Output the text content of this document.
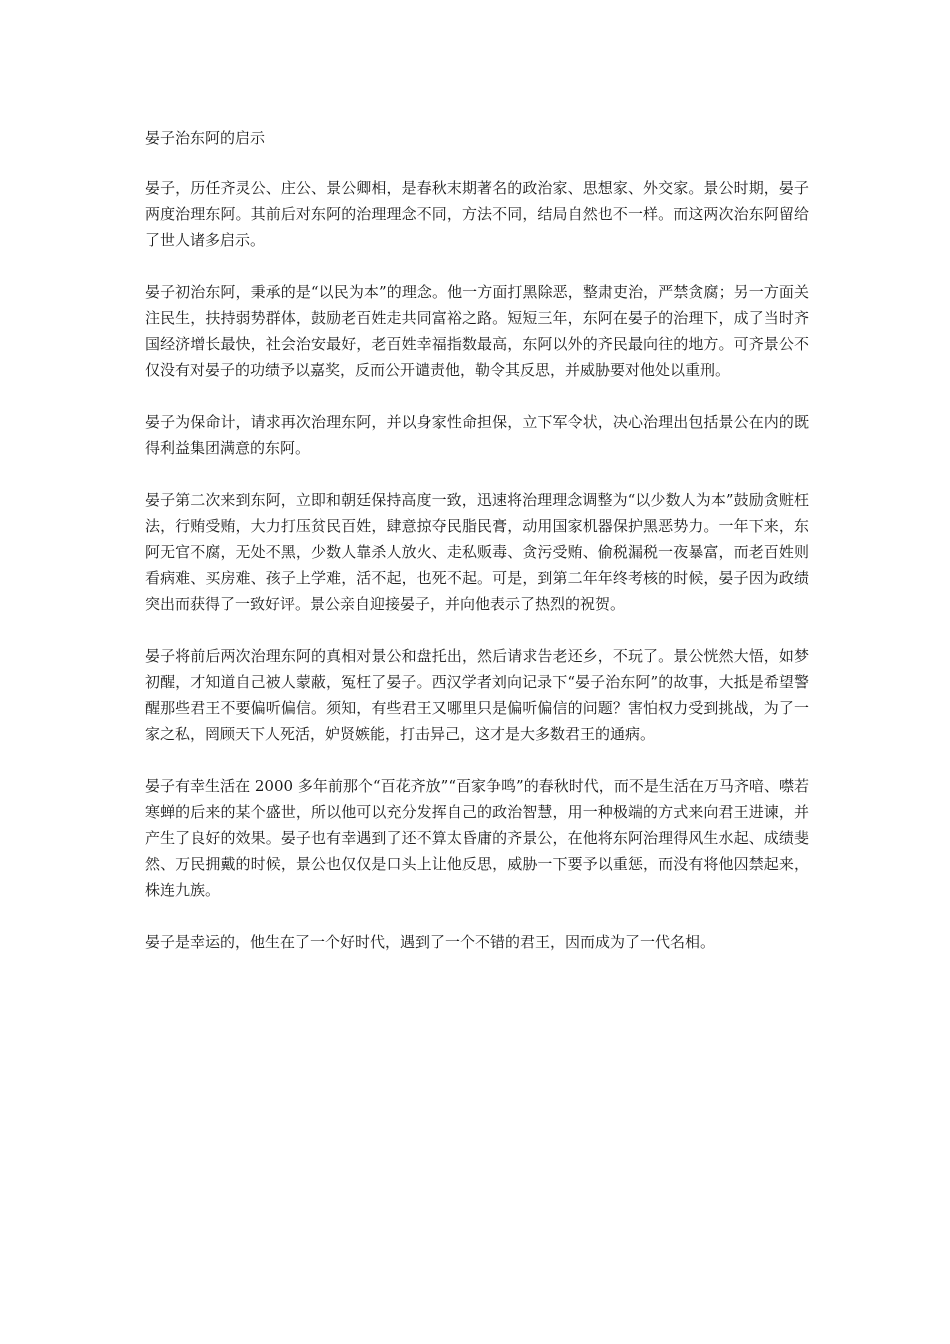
晏子治东阿的启示

晏子，历任齐灵公、庄公、景公卿相，是春秋末期著名的政治家、思想家、外交家。景公时期，晏子两度治理东阿。其前后对东阿的治理理念不同，方法不同，结局自然也不一样。而这两次治东阿留给了世人诸多启示。

晏子初治东阿，秉承的是“以民为本”的理念。他一方面打黑除恶，整肃吏治，严禁贪腐；另一方面关注民生，扶持弱势群体，鼓励老百姓走共同富裕之路。短短三年，东阿在晏子的治理下，成了当时齐国经济增长最快，社会治安最好，老百姓幸福指数最高，东阿以外的齐民最向往的地方。可齐景公不仅没有对晏子的功绩予以嘉奖，反而公开谴责他，勒令其反思，并威胁要对他处以重刑。

晏子为保命计，请求再次治理东阿，并以身家性命担保，立下军令状，决心治理出包括景公在内的既得利益集团满意的东阿。

晏子第二次来到东阿，立即和朝廷保持高度一致，迅速将治理理念调整为“以少数人为本”鼓励贪赃枉法，行贿受贿，大力打压贫民百姓，肆意掠夺民脂民膏，动用国家机器保护黑恶势力。一年下来，东阿无官不腐，无处不黑，少数人靠杀人放火、走私贩毒、贪污受贿、偷税漏税一夜暴富，而老百姓则看病难、买房难、孩子上学难，活不起，也死不起。可是，到第二年年终考核的时候，晏子因为政绩突出而获得了一致好评。景公亲自迎接晏子，并向他表示了热烈的祝贺。

晏子将前后两次治理东阿的真相对景公和盘托出，然后请求告老还乡，不玩了。景公恍然大悟，如梦初醒，才知道自己被人蒙蔽，冤枉了晏子。西汉学者刘向记录下“晏子治东阿”的故事，大抵是希望警醒那些君王不要偏听偏信。须知，有些君王又哪里只是偏听偏信的问题？害怕权力受到挑战，为了一家之私，罔顾天下人死活，妒贤嫉能，打击异己，这才是大多数君王的通病。

晏子有幸生活在 2000 多年前那个“百花齐放”“百家争鸣”的春秋时代，而不是生活在万马齐喑、噤若寒蝉的后来的某个盛世，所以他可以充分发挥自己的政治智慧，用一种极端的方式来向君王进谏，并产生了良好的效果。晏子也有幸遇到了还不算太昏庸的齐景公，在他将东阿治理得风生水起、成绩斐然、万民拥戴的时候，景公也仅仅是口头上让他反思，威胁一下要予以重惩，而没有将他囚禁起来，株连九族。

晏子是幸运的，他生在了一个好时代，遇到了一个不错的君王，因而成为了一代名相。
